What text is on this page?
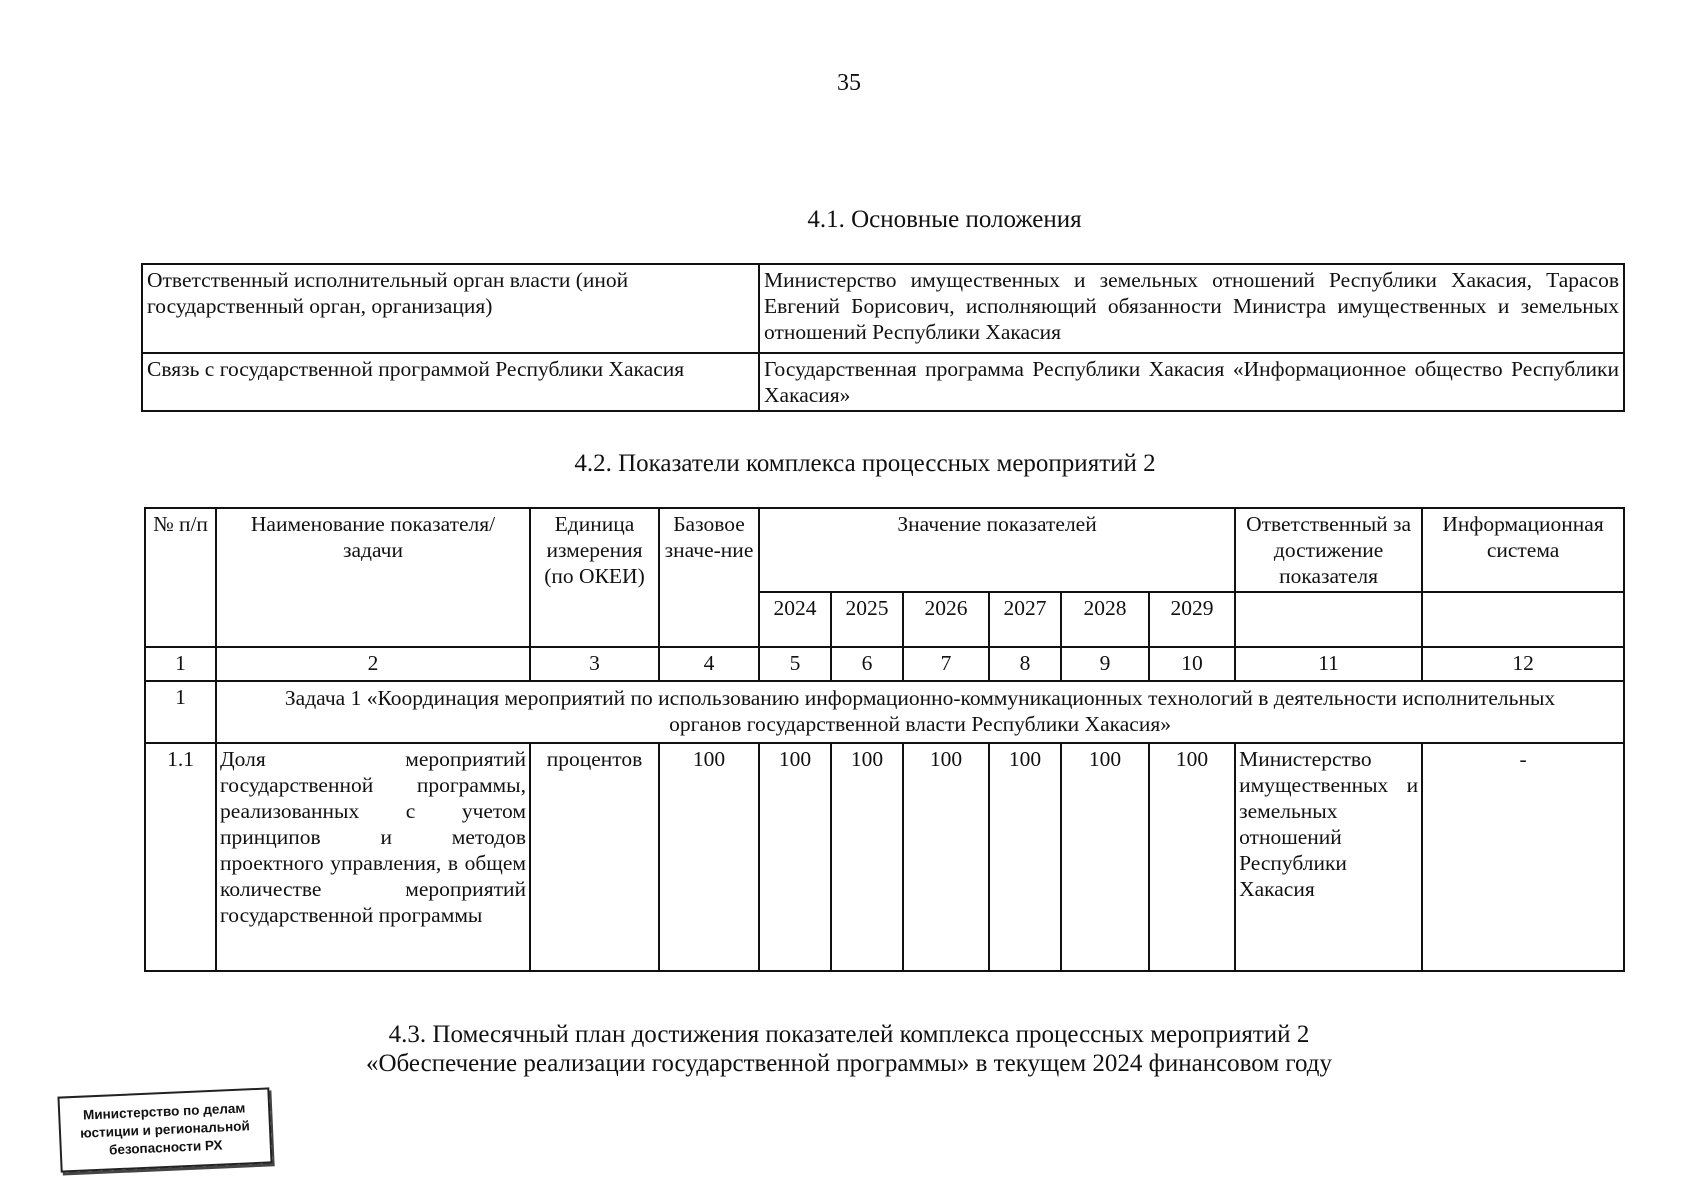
35
4.1. Основные положения
Ответственный исполнительный орган власти (иной государственный орган, организация)	Министерство имущественных и земельных отношений Республики Хакасия, Тарасов Евгений Борисович, исполняющий обязанности Министра имущественных и земельных отношений Республики Хакасия
Связь с государственной программой Республики Хакасия	Государственная программа Республики Хакасия «Информационное общество Республики Хакасия»
4.2. Показатели комплекса процессных мероприятий 2
№ п/п	Наименование показателя/ задачи	Единица измерения (по ОКЕИ)	Базовое значе-ние	Значение показателей						Ответственный за достижение показателя	Информационная система
				2024	2025	2026	2027	2028	2029		
1	2	3	4	5	6	7	8	9	10	11	12
1	Задача 1 «Координация мероприятий по использованию информационно-коммуникационных технологий в деятельности исполнительных органов государственной власти Республики Хакасия»										
1.1	Доля мероприятий государственной программы, реализованных с учетом принципов и методов проектного управления, в общем количестве мероприятий государственной программы	процентов	100	100	100	100	100	100	100	Министерство имущественных и земельных отношений Республики Хакасия	-
4.3. Помесячный план достижения показателей комплекса процессных мероприятий 2
«Обеспечение реализации государственной программы» в текущем 2024 финансовом году
Министерство по делам
юстиции и региональной
безопасности РХ
